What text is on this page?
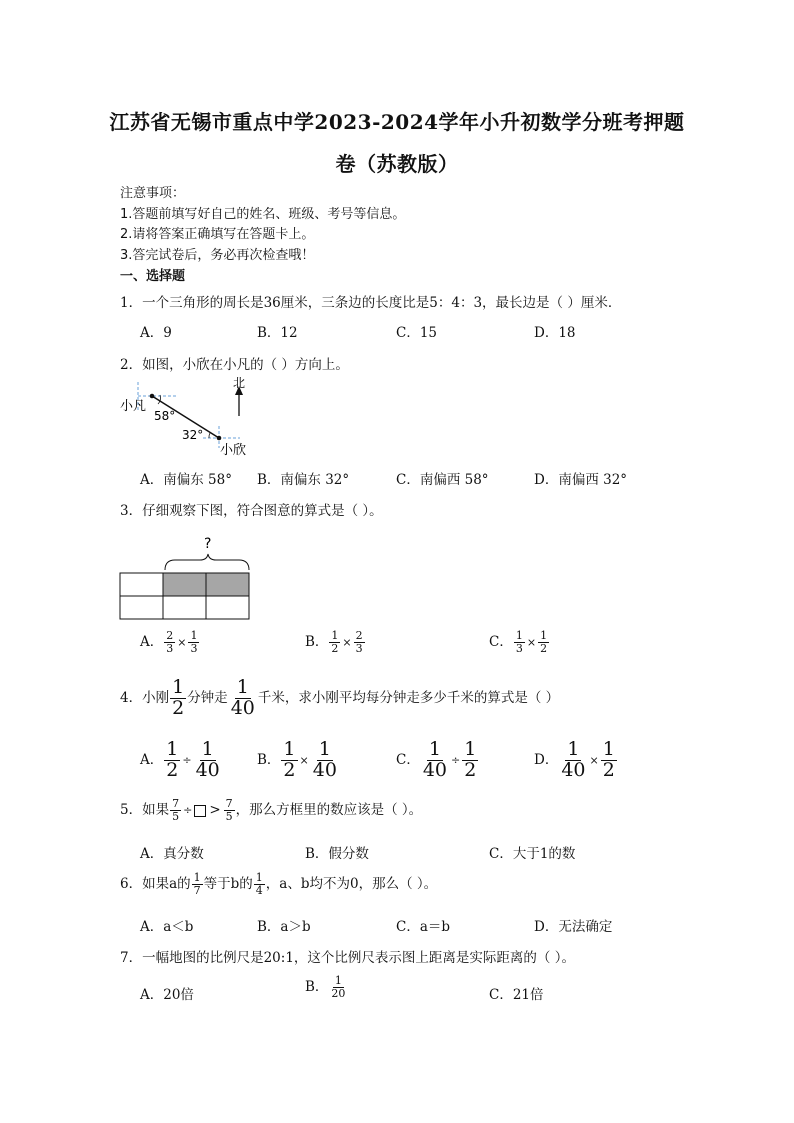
江苏省无锡市重点中学2023-2024学年小升初数学分班考押题
卷（苏教版）
注意事项：
1.答题前填写好自己的姓名、班级、考号等信息。
2.请将答案正确填写在答题卡上。
3.答完试卷后，务必再次检查哦！
一、选择题
1．一个三角形的周长是36厘米，三条边的长度比是5：4：3，最长边是（ ）厘米．
A．9	B．12	C．15	D．18
2．如图，小欣在小凡的（ ）方向上。
北
小凡
58°
32°
小欣
A．南偏东 58° B．南偏东 32°	C．南偏西 58°	D．南偏西 32°
3．仔细观察下图，符合图意的算式是（ ）。
?
A． $\frac{2}{3} \times \frac{1}{3}$	B． $\frac{1}{2} \times \frac{2}{3}$	C． $\frac{1}{3} \times \frac{1}{2}$
4．小刚 $\frac{1}{2}$ 分钟走 $\frac{1}{40}$ 千米，求小刚平均每分钟走多少千米的算式是（ ）
A． $\frac{1}{2} \div \frac{1}{40}$	B． $\frac{1}{2} \times \frac{1}{40}$	C． $\frac{1}{40} \div \frac{1}{2}$	D． $\frac{1}{40} \times \frac{1}{2}$
5．如果 $\frac{7}{5}$ ÷ > $\frac{7}{5}$ ，那么方框里的数应该是（ ）。
A．真分数	B．假分数	C．大于1的数
6．如果a的 $\frac{1}{7}$ 等于b的 $\frac{1}{4}$ ，a、b均不为0，那么（ ）。
A．a＜b	B．a＞b	C．a＝b	D．无法确定
7．一幅地图的比例尺是20:1，这个比例尺表示图上距离是实际距离的（ ）。
A．20倍	B． $\frac{1}{20}$	C．21倍
